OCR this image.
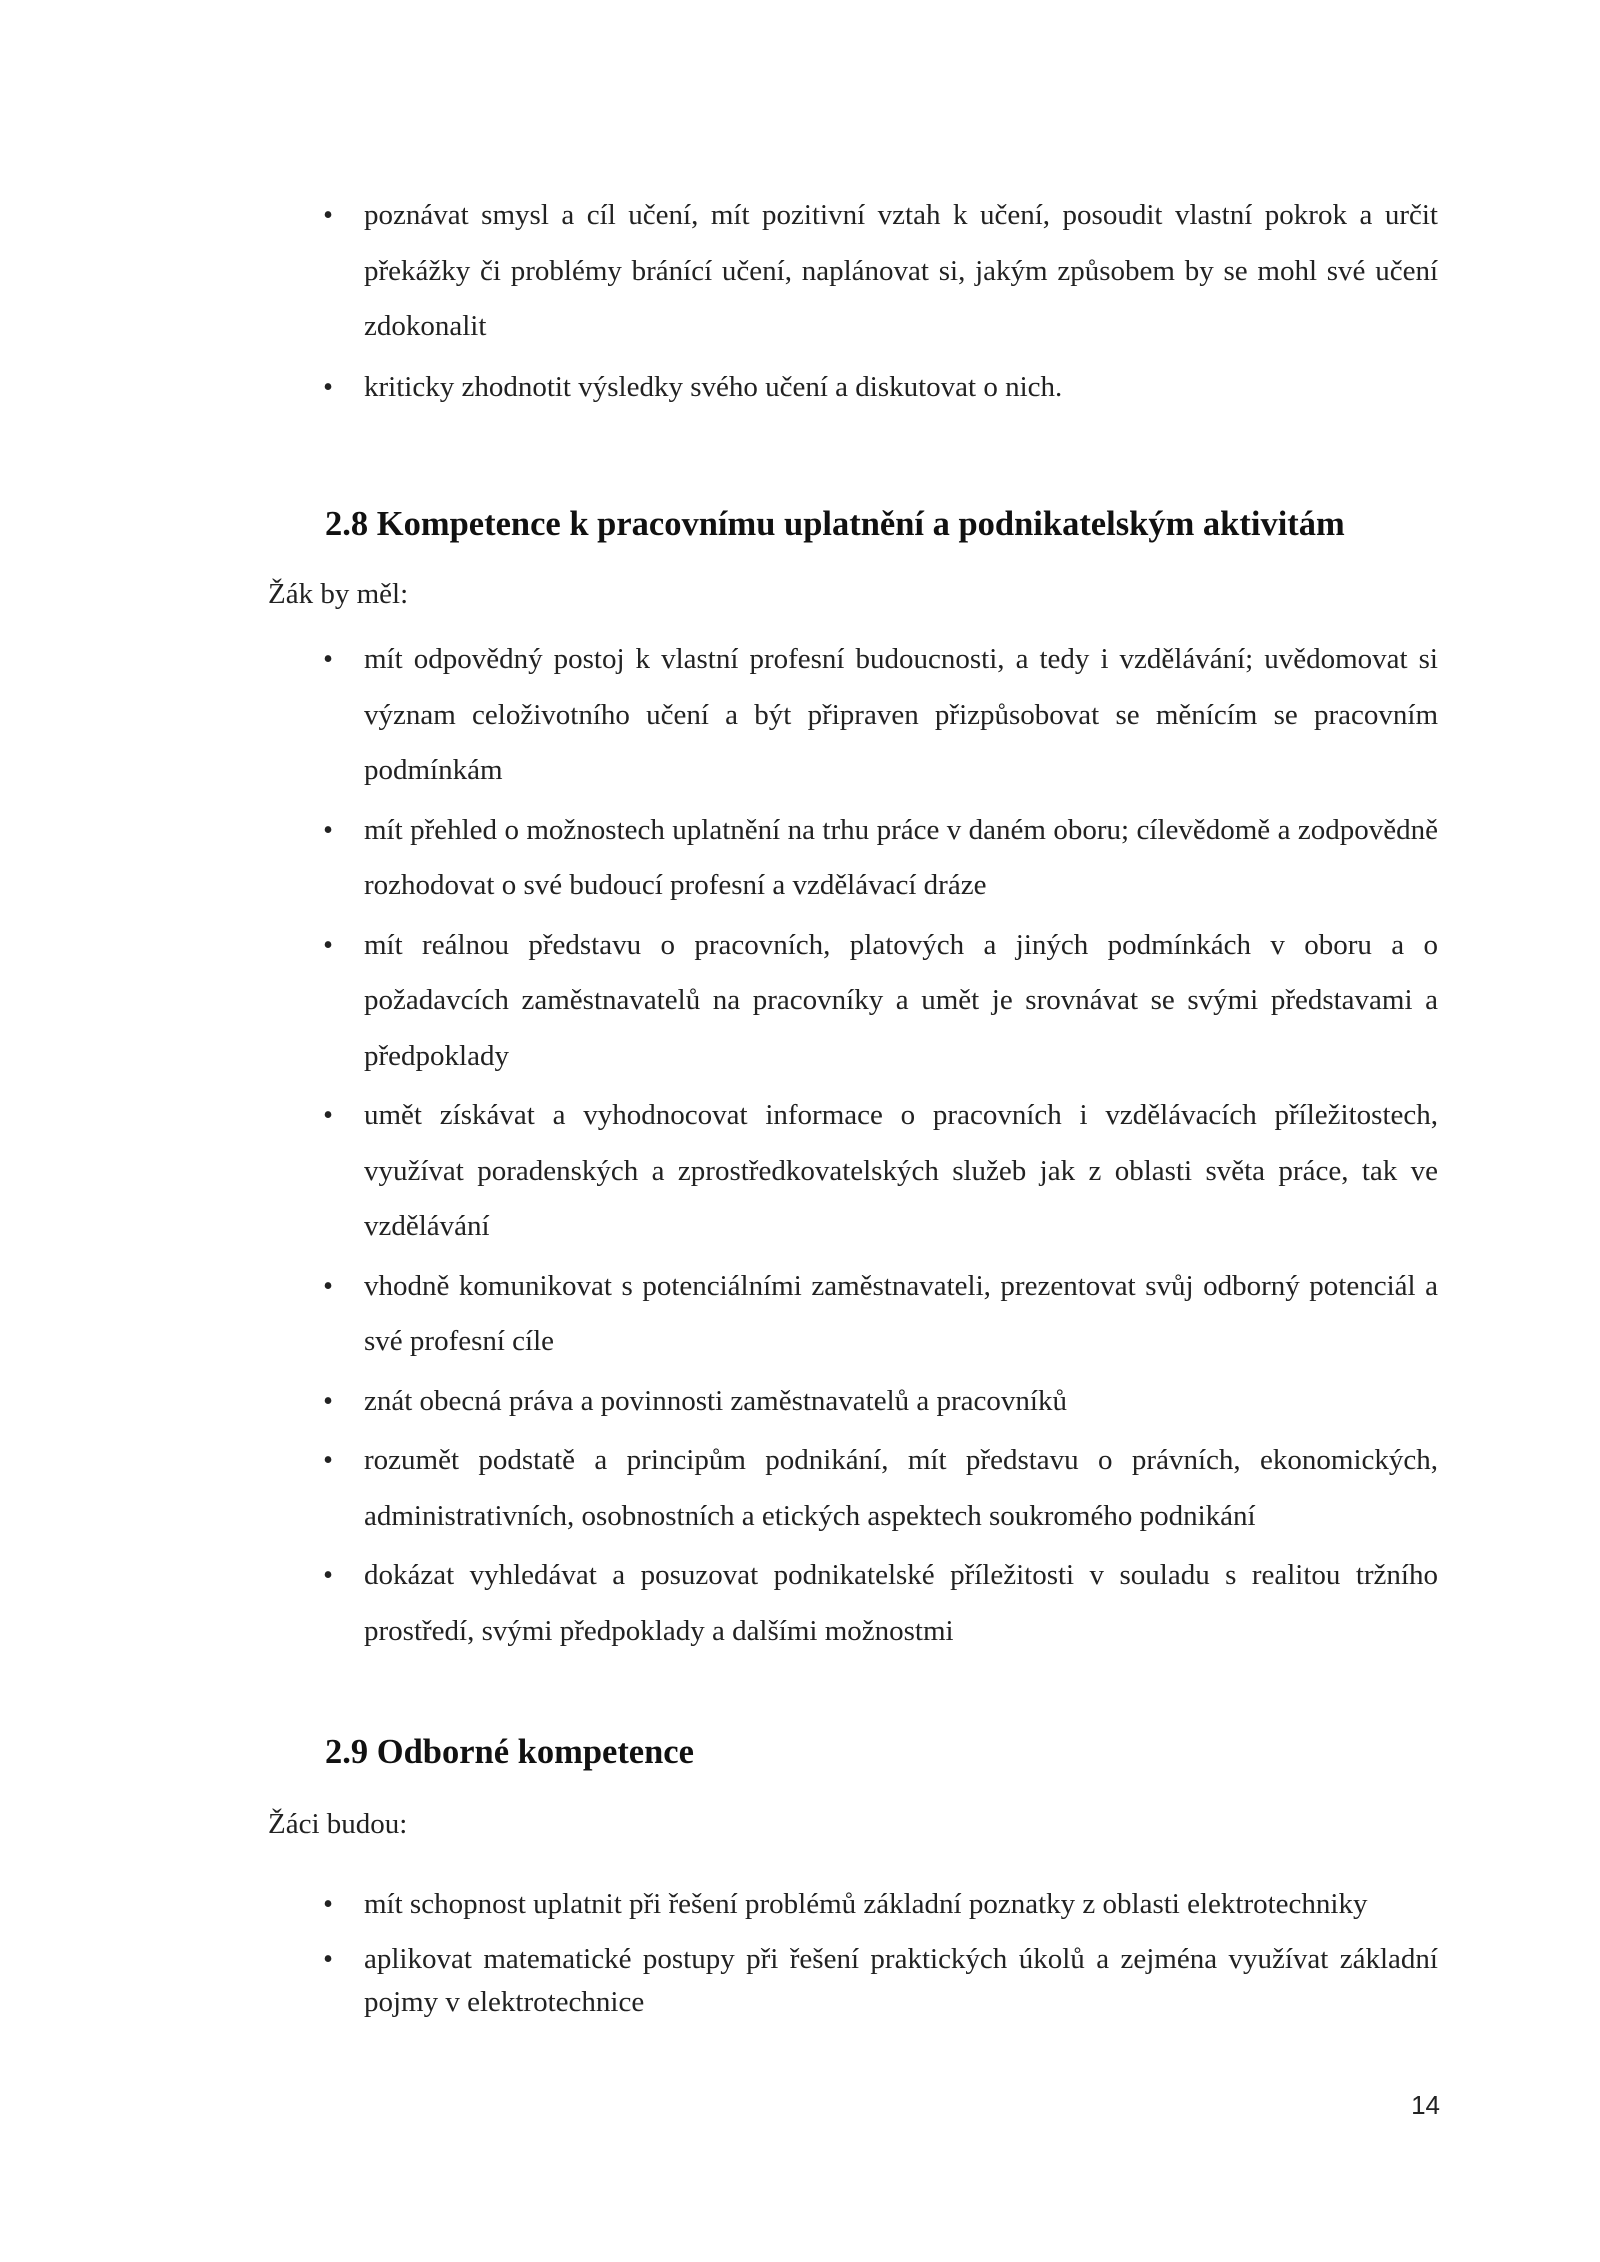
• poznávat smysl a cíl učení, mít pozitivní vztah k učení, posoudit vlastní pokrok a určit překážky či problémy bránící učení, naplánovat si, jakým způsobem by se mohl své učení zdokonalit
• kriticky zhodnotit výsledky svého učení a diskutovat o nich.
2.8 Kompetence k pracovnímu uplatnění a podnikatelským aktivitám

Žák by měl:

• mít odpovědný postoj k vlastní profesní budoucnosti, a tedy i vzdělávání; uvědomovat si význam celoživotního učení a být připraven přizpůsobovat se měnícím se pracovním podmínkám
• mít přehled o možnostech uplatnění na trhu práce v daném oboru; cílevědomě a zodpovědně rozhodovat o své budoucí profesní a vzdělávací dráze
• mít reálnou představu o pracovních, platových a jiných podmínkách v oboru a o požadavcích zaměstnavatelů na pracovníky a umět je srovnávat se svými představami a předpoklady
• umět získávat a vyhodnocovat informace o pracovních i vzdělávacích příležitostech, využívat poradenských a zprostředkovatelských služeb jak z oblasti světa práce, tak ve vzdělávání
• vhodně komunikovat s potenciálními zaměstnavateli, prezentovat svůj odborný potenciál a své profesní cíle
• znát obecná práva a povinnosti zaměstnavatelů a pracovníků
• rozumět podstatě a principům podnikání, mít představu o právních, ekonomických, administrativních, osobnostních a etických aspektech soukromého podnikání
• dokázat vyhledávat a posuzovat podnikatelské příležitosti v souladu s realitou tržního prostředí, svými předpoklady a dalšími možnostmi
2.9 Odborné kompetence

Žáci budou:

• mít schopnost uplatnit při řešení problémů základní poznatky z oblasti elektrotechniky
• aplikovat matematické postupy při řešení praktických úkolů a zejména využívat základní pojmy v elektrotechnice
14
